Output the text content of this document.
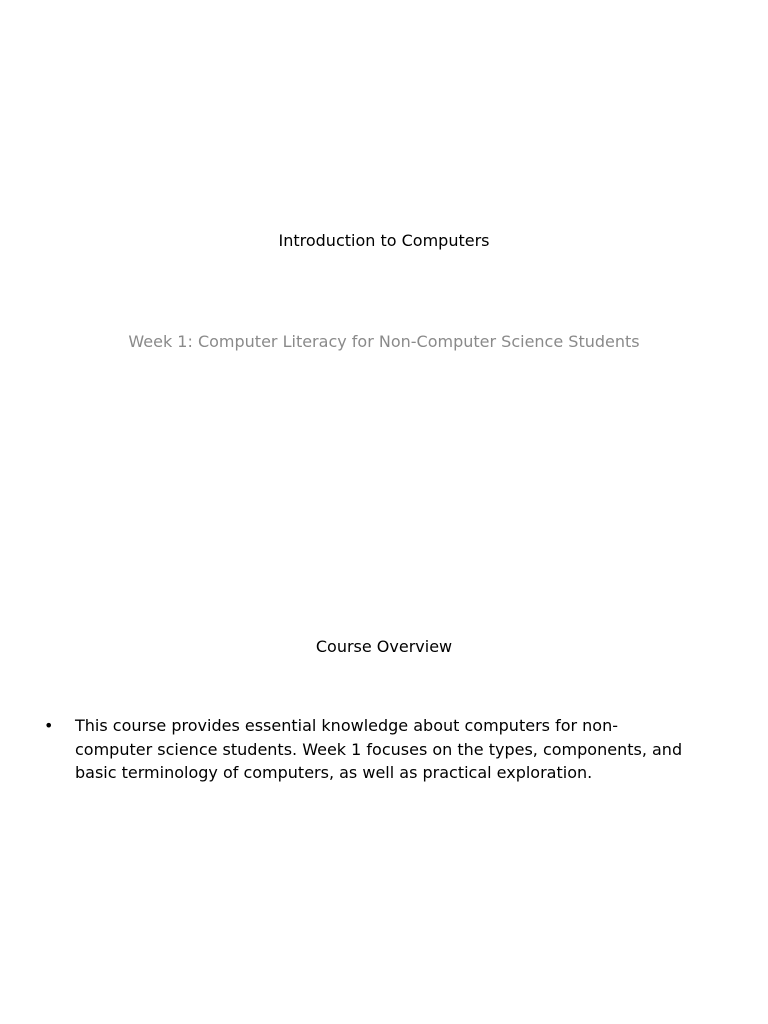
Introduction to Computers
Week 1: Computer Literacy for Non-Computer Science Students
Course Overview
• This course provides essential knowledge about computers for non-computer science students. Week 1 focuses on the types, components, and basic terminology of computers, as well as practical exploration.
